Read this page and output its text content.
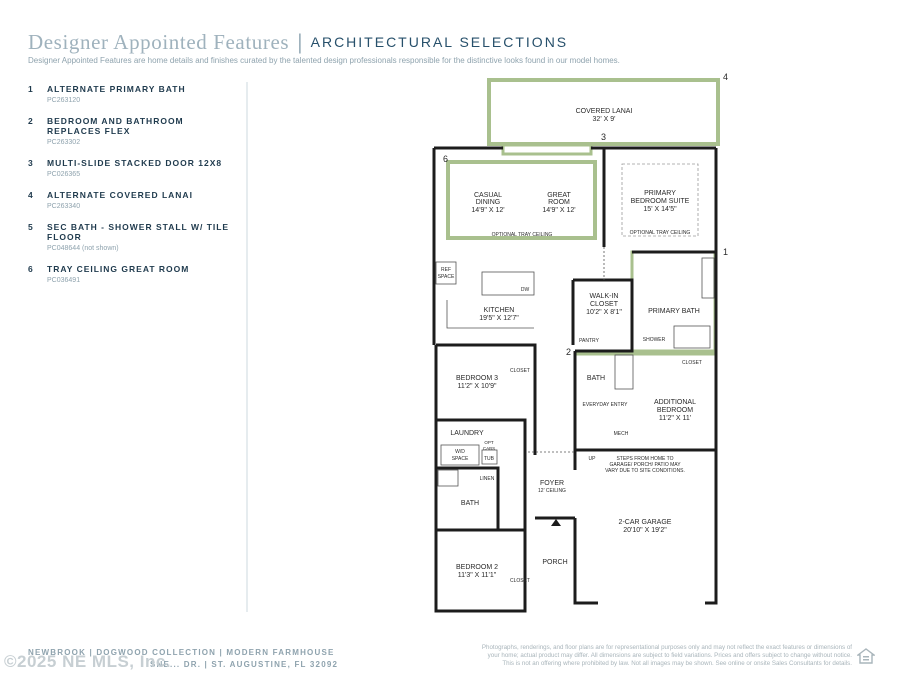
Designer Appointed Features | ARCHITECTURAL SELECTIONS
Designer Appointed Features are home details and finishes curated by the talented design professionals responsible for the distinctive looks found in our model homes.
1 ALTERNATE PRIMARY BATH
PC263120
2 BEDROOM AND BATHROOM REPLACES FLEX
PC263302
3 MULTI-SLIDE STACKED DOOR 12X8
PC026365
4 ALTERNATE COVERED LANAI
PC263340
5 SEC BATH - SHOWER STALL W/ TILE FLOOR
PC048644 (not shown)
6 TRAY CEILING GREAT ROOM
PC036491
4
3
6
1
2
COVERED LANAI
32' X 9'
CASUAL
DINING
14'9" X 12'
GREAT
ROOM
14'9" X 12'
OPTIONAL TRAY CEILING
PRIMARY
BEDROOM SUITE
15' X 14'5"
OPTIONAL TRAY CEILING
REF
SPACE
DW
KITCHEN
19'5" X 12'7"
WALK-IN
CLOSET
10'2" X 8'1"
PANTRY
PRIMARY BATH
SHOWER
BEDROOM 3
11'2" X 10'9"
CLOSET
BATH
EVERYDAY ENTRY
CLOSET
ADDITIONAL
BEDROOM
11'2" X 11'
MECH
LAUNDRY
W/D
SPACE
OPT
CABS
TUB	UP	STEPS FROM HOME TO
GARAGE/ PORCH/ PATIO MAY
VARY DUE TO SITE CONDITIONS.
LINEN
BATH
FOYER
12' CEILING
2-CAR GARAGE
20'10" X 19'2"
BEDROOM 2
11'3" X 11'1"
CLOSET
PORCH
NEWBROOK | DOGWOOD COLLECTION | MODERN FARMHOUSE
SNE... DR. | ST. AUGUSTINE, FL 32092
©2025 NE MLS, Inc.
Photographs, renderings, and floor plans are for representational purposes only and may not reflect the exact features or dimensions of
your home; actual product may differ. All dimensions are subject to field variations. Prices and offers subject to change without notice.
This is not an offering where prohibited by law. Not all images may be shown. See online or onsite Sales Consultants for details.
